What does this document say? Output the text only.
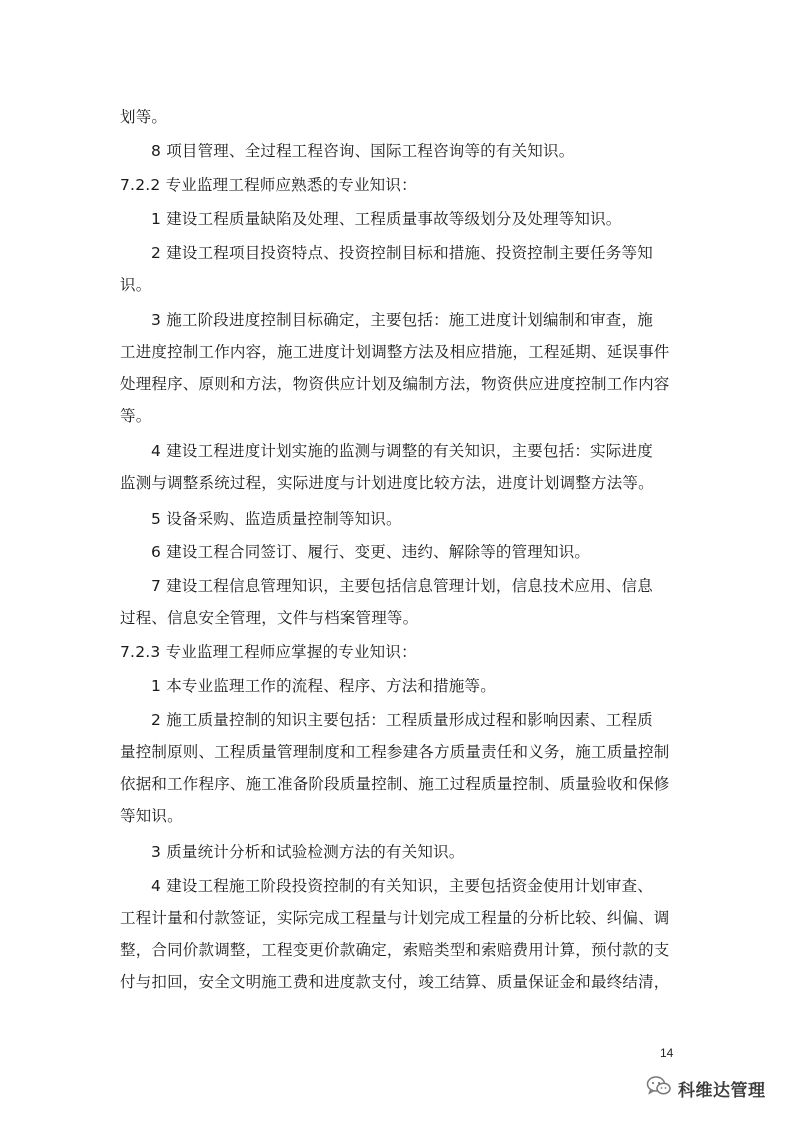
划等。
8 项目管理、全过程工程咨询、国际工程咨询等的有关知识。
7.2.2 专业监理工程师应熟悉的专业知识：
1 建设工程质量缺陷及处理、工程质量事故等级划分及处理等知识。
2 建设工程项目投资特点、投资控制目标和措施、投资控制主要任务等知
识。
3 施工阶段进度控制目标确定，主要包括：施工进度计划编制和审查，施
工进度控制工作内容，施工进度计划调整方法及相应措施，工程延期、延误事件
处理程序、原则和方法，物资供应计划及编制方法，物资供应进度控制工作内容
等。
4 建设工程进度计划实施的监测与调整的有关知识，主要包括：实际进度
监测与调整系统过程，实际进度与计划进度比较方法，进度计划调整方法等。
5 设备采购、监造质量控制等知识。
6 建设工程合同签订、履行、变更、违约、解除等的管理知识。
7 建设工程信息管理知识，主要包括信息管理计划，信息技术应用、信息
过程、信息安全管理，文件与档案管理等。
7.2.3 专业监理工程师应掌握的专业知识：
1 本专业监理工作的流程、程序、方法和措施等。
2 施工质量控制的知识主要包括：工程质量形成过程和影响因素、工程质
量控制原则、工程质量管理制度和工程参建各方质量责任和义务，施工质量控制
依据和工作程序、施工准备阶段质量控制、施工过程质量控制、质量验收和保修
等知识。
3 质量统计分析和试验检测方法的有关知识。
4 建设工程施工阶段投资控制的有关知识，主要包括资金使用计划审查、
工程计量和付款签证，实际完成工程量与计划完成工程量的分析比较、纠偏、调
整，合同价款调整，工程变更价款确定，索赔类型和索赔费用计算，预付款的支
付与扣回，安全文明施工费和进度款支付，竣工结算、质量保证金和最终结清，
14
科维达管理
